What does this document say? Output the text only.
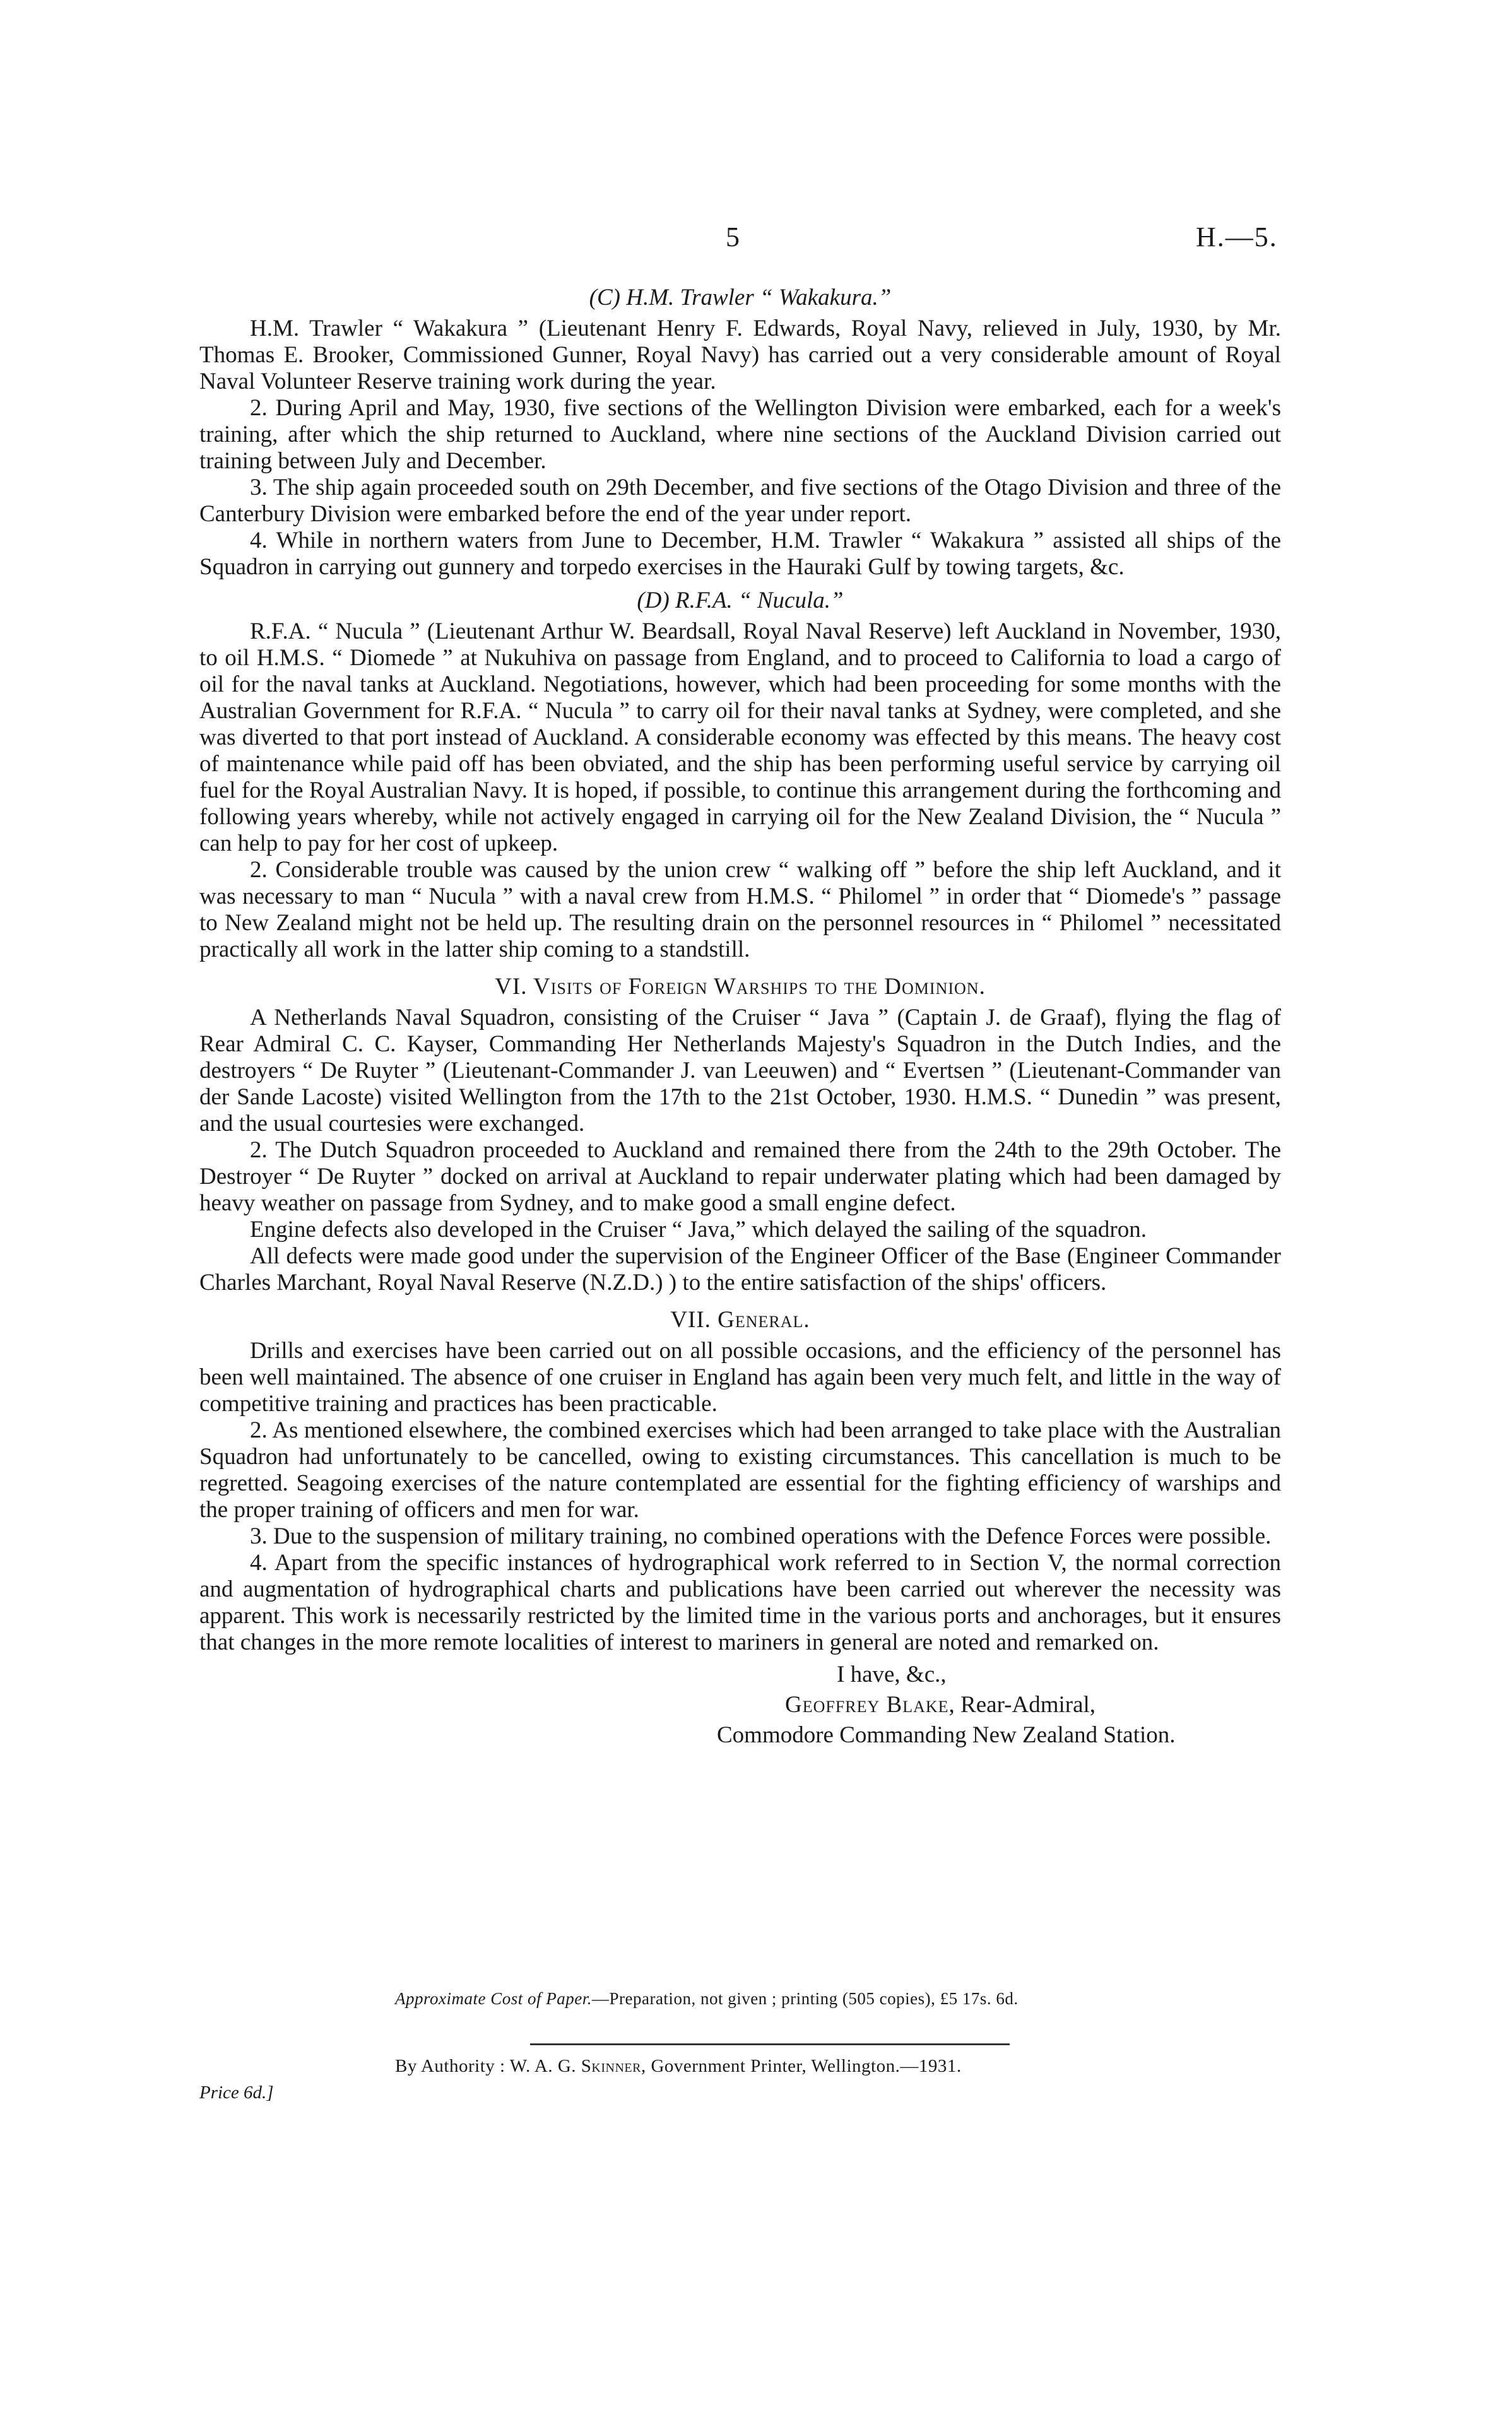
5	H.—5.
(C) H.M. Trawler “ Wakakura.”

H.M. Trawler “ Wakakura ” (Lieutenant Henry F. Edwards, Royal Navy, relieved in July, 1930, by Mr. Thomas E. Brooker, Commissioned Gunner, Royal Navy) has carried out a very considerable amount of Royal Naval Volunteer Reserve training work during the year.

2. During April and May, 1930, five sections of the Wellington Division were embarked, each for a week's training, after which the ship returned to Auckland, where nine sections of the Auckland Division carried out training between July and December.

3. The ship again proceeded south on 29th December, and five sections of the Otago Division and three of the Canterbury Division were embarked before the end of the year under report.

4. While in northern waters from June to December, H.M. Trawler “ Wakakura ” assisted all ships of the Squadron in carrying out gunnery and torpedo exercises in the Hauraki Gulf by towing targets, &c.

(D) R.F.A. “ Nucula.”

R.F.A. “ Nucula ” (Lieutenant Arthur W. Beardsall, Royal Naval Reserve) left Auckland in November, 1930, to oil H.M.S. “ Diomede ” at Nukuhiva on passage from England, and to proceed to California to load a cargo of oil for the naval tanks at Auckland. Negotiations, however, which had been proceeding for some months with the Australian Government for R.F.A. “ Nucula ” to carry oil for their naval tanks at Sydney, were completed, and she was diverted to that port instead of Auckland. A considerable economy was effected by this means. The heavy cost of maintenance while paid off has been obviated, and the ship has been performing useful service by carrying oil fuel for the Royal Australian Navy. It is hoped, if possible, to continue this arrangement during the forthcoming and following years whereby, while not actively engaged in carrying oil for the New Zealand Division, the “ Nucula ” can help to pay for her cost of upkeep.

2. Considerable trouble was caused by the union crew “ walking off ” before the ship left Auckland, and it was necessary to man “ Nucula ” with a naval crew from H.M.S. “ Philomel ” in order that “ Diomede's ” passage to New Zealand might not be held up. The resulting drain on the personnel resources in “ Philomel ” necessitated practically all work in the latter ship coming to a standstill.

VI. Visits of Foreign Warships to the Dominion.

A Netherlands Naval Squadron, consisting of the Cruiser “ Java ” (Captain J. de Graaf), flying the flag of Rear Admiral C. C. Kayser, Commanding Her Netherlands Majesty's Squadron in the Dutch Indies, and the destroyers “ De Ruyter ” (Lieutenant-Commander J. van Leeuwen) and “ Evertsen ” (Lieutenant-Commander van der Sande Lacoste) visited Wellington from the 17th to the 21st October, 1930. H.M.S. “ Dunedin ” was present, and the usual courtesies were exchanged.

2. The Dutch Squadron proceeded to Auckland and remained there from the 24th to the 29th October. The Destroyer “ De Ruyter ” docked on arrival at Auckland to repair underwater plating which had been damaged by heavy weather on passage from Sydney, and to make good a small engine defect.

Engine defects also developed in the Cruiser “ Java,” which delayed the sailing of the squadron.

All defects were made good under the supervision of the Engineer Officer of the Base (Engineer Commander Charles Marchant, Royal Naval Reserve (N.Z.D.) ) to the entire satisfaction of the ships' officers.

VII. General.

Drills and exercises have been carried out on all possible occasions, and the efficiency of the personnel has been well maintained. The absence of one cruiser in England has again been very much felt, and little in the way of competitive training and practices has been practicable.

2. As mentioned elsewhere, the combined exercises which had been arranged to take place with the Australian Squadron had unfortunately to be cancelled, owing to existing circumstances. This cancellation is much to be regretted. Seagoing exercises of the nature contemplated are essential for the fighting efficiency of warships and the proper training of officers and men for war.

3. Due to the suspension of military training, no combined operations with the Defence Forces were possible.

4. Apart from the specific instances of hydrographical work referred to in Section V, the normal correction and augmentation of hydrographical charts and publications have been carried out wherever the necessity was apparent. This work is necessarily restricted by the limited time in the various ports and anchorages, but it ensures that changes in the more remote localities of interest to mariners in general are noted and remarked on.

I have, &c.,
Geoffrey Blake, Rear-Admiral,
Commodore Commanding New Zealand Station.
Approximate Cost of Paper.—Preparation, not given ; printing (505 copies), £5 17s. 6d.
By Authority : W. A. G. Skinner, Government Printer, Wellington.—1931.
Price 6d.]
